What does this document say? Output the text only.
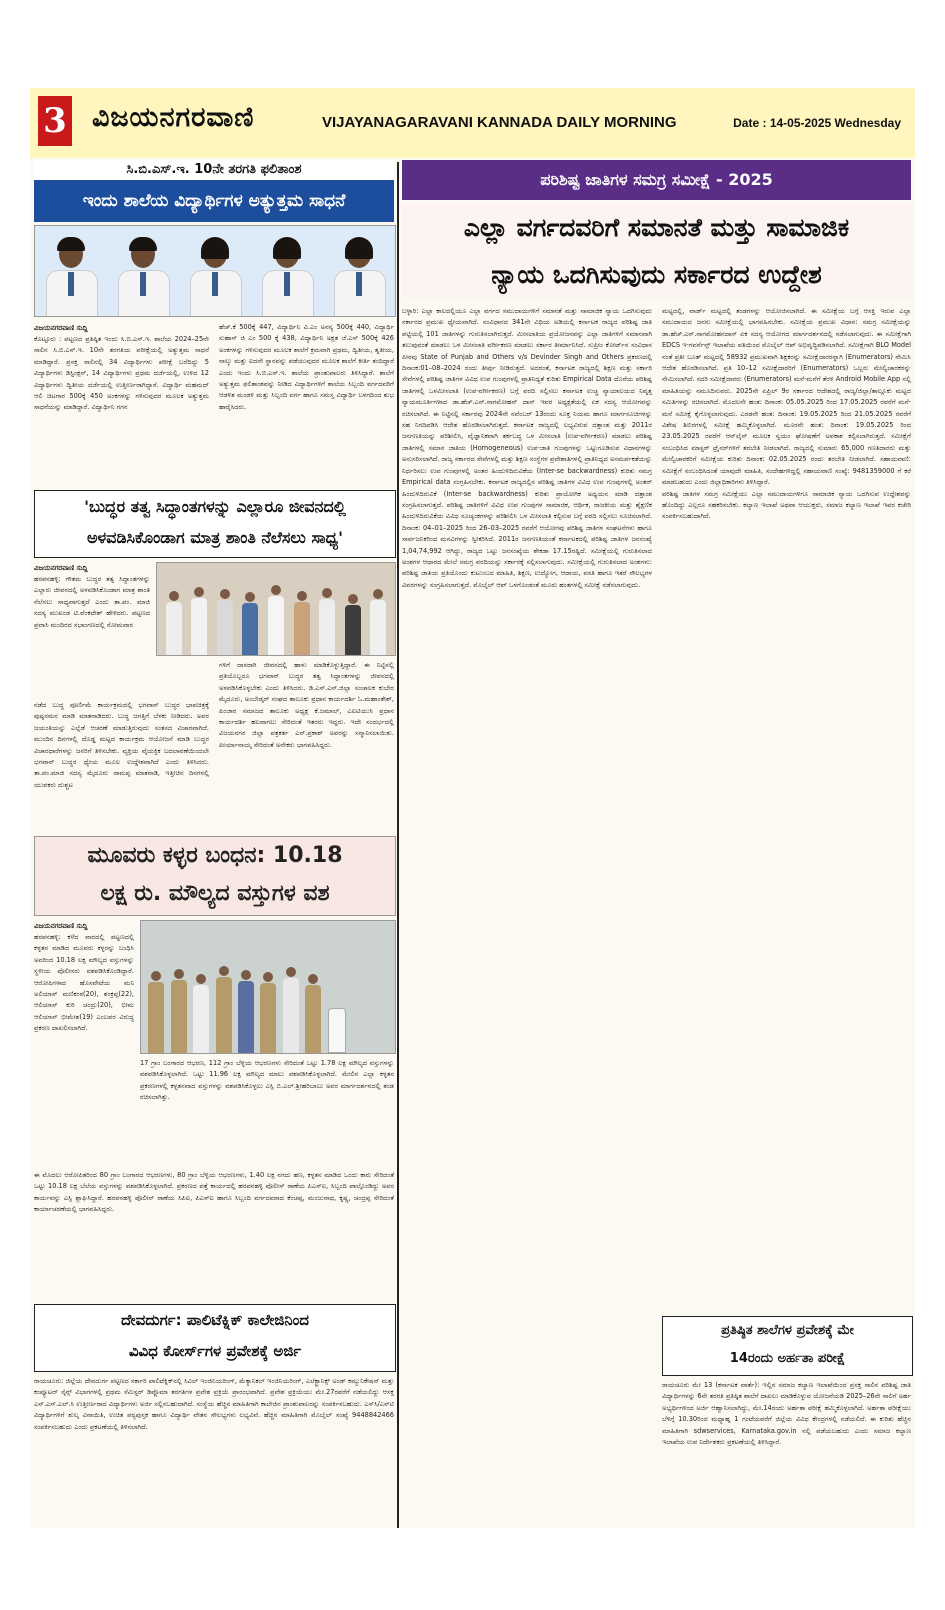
3 ವಿಜಯನಗರವಾಣಿ	VIJAYANAGARAVANI KANNADA DAILY MORNING	Date : 14-05-2025 Wednesday
ಸಿ.ಬಿ.ಎಸ್.ಇ. 10ನೇ ತರಗತಿ ಫಲಿತಾಂಶ
ಇಂದು ಶಾಲೆಯ ವಿದ್ಯಾರ್ಥಿಗಳ ಅತ್ಯುತ್ತಮ ಸಾಧನೆ
ವಿಜಯನಗರವಾಣಿ ಸುದ್ದಿ
ಕೊಟ್ಟೂರು : ಪಟ್ಟಣದ ಪ್ರತಿಷ್ಠಿತ ಇಂದು ಸಿ.ಬಿ.ಎಸ್.ಇ. ಶಾಲೆಯ 2024–25ನೇ ಸಾಲಿನ ಸಿ.ಬಿ.ಎಸ್.ಇ. 10ನೇ ತರಗತಿಯ ಪರೀಕ್ಷೆಯಲ್ಲಿ ಅತ್ಯುತ್ತಮ ಸಾಧನೆ ಮಾಡಿದ್ದಾರೆ. ಪ್ರಸಕ್ತ ಸಾಲಿನಲ್ಲಿ 34 ವಿದ್ಯಾರ್ಥಿಗಳು ಪರೀಕ್ಷೆ ಬರೆದಿದ್ದು 5 ವಿದ್ಯಾರ್ಥಿಗಳು ಡಿಸ್ಟಿಂಕ್ಷನ್, 14 ವಿದ್ಯಾರ್ಥಿಗಳು ಪ್ರಥಮ ದರ್ಜೆಯಲ್ಲಿ, ಉಳಿದ 12 ವಿದ್ಯಾರ್ಥಿಗಳು ದ್ವಿತೀಯ ದರ್ಜೆಯಲ್ಲಿ ಉತ್ತೀರ್ಣರಾಗಿದ್ದಾರೆ. ವಿದ್ಯಾರ್ಥಿ ಮಹಮದ್ ಆಲಿ ಚಿಟಗಾರ 500ಕ್ಕೆ 450 ಅಂಕಗಳನ್ನು ಗಳಿಸುವುದರ ಮೂಲಕ ಅತ್ಯುತ್ತಮ ಸಾಧನೆಯನ್ನು ಮಾಡಿದ್ದಾರೆ. ವಿದ್ಯಾರ್ಥಿನಿ ಗಗನ
ಹೆಚ್.ಕೆ 500ಕ್ಕೆ 447, ವಿದ್ಯಾರ್ಥಿನಿ ವಿ.ಎಂ ಅನನ್ಯ 500ಕ್ಕೆ 440, ವಿದ್ಯಾರ್ಥಿ ಸುಹಾಸ್ ಜಿ ಎಂ 500 ಕ್ಕೆ 438, ವಿದ್ಯಾರ್ಥಿನಿ ಅಕ್ಷತ ಜೆ.ಎಸ್ 500ಕ್ಕೆ 426 ಅಂಕಗಳನ್ನು ಗಳಿಸುವುದರ ಮೂಲಕ ಶಾಲೆಗೆ ಕ್ರಮವಾಗಿ ಪ್ರಥಮ, ದ್ವಿತೀಯ, ತೃತೀಯ, ನಾಲ್ಕು ಮತ್ತು ಐದನೇ ಸ್ಥಾನವನ್ನು ಪಡೆಯುವುದರ ಮೂಲಕ ಶಾಲೆಗೆ ಕೀರ್ತಿ ತಂದಿದ್ದಾರೆ ಎಂದು ಇಂದು ಸಿ.ಬಿ.ಎಸ್.ಇ. ಶಾಲೆಯ ಪ್ರಾಂಶುಪಾಲರು ತಿಳಿಸಿದ್ದಾರೆ. ಶಾಲೆಗೆ ಅತ್ಯುತ್ತಮ ಫಲಿತಾಂಶವನ್ನು ನೀಡಿದ ವಿದ್ಯಾರ್ಥಿಗಳಿಗೆ ಶಾಲೆಯ ಸಿಬ್ಬಂದಿ ವರ್ಗದವರಿಗೆ ಆಡಳಿತ ಮಂಡಳಿ ಮತ್ತು ಸಿಬ್ಬಂದಿ ವರ್ಗ ಹಾಗೂ ಸಮಸ್ತ ವಿದ್ಯಾರ್ಥಿ ಬಳಗದಿಂದ ಶುಭ ಹಾರೈಸಿದರು.
'ಬುದ್ಧರ ತತ್ವ ಸಿದ್ಧಾಂತಗಳನ್ನು ಎಲ್ಲಾರೂ ಜೀವನದಲ್ಲಿ
ಅಳವಡಿಸಿಕೊಂಡಾಗ ಮಾತ್ರ ಶಾಂತಿ ನೆಲೆಸಲು ಸಾಧ್ಯ'
ವಿಜಯನಗರವಾಣಿ ಸುದ್ದಿ
ಹರಪನಹಳ್ಳಿ: ಗೌತಮ ಬುದ್ಧರ ತತ್ವ ಸಿದ್ಧಾಂತಗಳನ್ನು ಎಲ್ಲಾರು ಜೀವನದಲ್ಲಿ ಅಳವಡಿಸಿಕೊಂಡಾಗ ಮಾತ್ರ ಶಾಂತಿ ನೆಲೆಸಲು ಸಾಧ್ಯವಾಗುತ್ತದೆ ಎಂದು ತಾ.ಪಂ. ಮಾಜಿ ಸದಸ್ಯ ಮುಖಂಡ ಟಿ.ವೆಂಕಟೇಶ್ ಹೇಳಿದರು. ಪಟ್ಟಣದ ಪ್ರವಾಸಿ ಮಂದಿರದ ಸಭಾಂಗಣದಲ್ಲಿ ಸೋಮವಾರ
ನಡೆದ ಬುದ್ಧ ಪೂರ್ಣಿಮೆ ಕಾರ್ಯಕ್ರಮದಲ್ಲಿ ಭಗವಾನ್ ಬುದ್ಧರ ಭಾವಚಿತ್ರಕ್ಕೆ ಪುಷ್ಪನಮನ ಮಾಡಿ ಮಾತನಾಡಿದರು. ಬುದ್ಧ ಜಗತ್ತಿಗೆ ಬೆಳಕು ನೀಡಿದರು. ಅವರ ಜಯಂತಿಯನ್ನು ಎಲ್ಲೆಡೆ ಆಚರಣೆ ಮಾಡುತ್ತಿರುವುದು ಸಂತಸದ ವಿಚಾರವಾಗಿದೆ. ಮುಂದಿನ ದಿನಗಳಲ್ಲಿ ದೊಡ್ಡ ಮಟ್ಟದ ಕಾರ್ಯಕ್ರಮ ಆಯೋಜನೆ ಮಾಡಿ ಬುದ್ಧರ ವಿಚಾರಧಾರೆಗಳನ್ನು ಜನರಿಗೆ ತಿಳಿಸಬೇಕು. ವ್ಯಕ್ತಿಯ ವೈಯಕ್ತಿಕ ಬದಲಾವಣೆಯಿಂದಲೇ ಭಗವಾನ್ ಬುದ್ಧರ ಧ್ಯೇಯ ಮೂಲ ಉದ್ದೇಶವಾಗಿದೆ ಎಂದು ತಿಳಿಸಿದರು. ತಾ.ಪಂ.ಮಾಜಿ ಸದಸ್ಯ ಮೈದೂರು ರಾಮಪ್ಪ ಮಾತನಾಡಿ, ಇತ್ತೀಚಿನ ದಿನಗಳಲ್ಲಿ ಯುವಕರು ದುಶ್ಚಟ
ಗಳಿಗೆ ದಾಸರಾಗಿ ಜೀವನದಲ್ಲಿ ಹಾಳು ಮಾಡಿಕೊಳ್ಳುತ್ತಿದ್ದಾರೆ. ಈ ನಿಟ್ಟಿನಲ್ಲಿ ಪ್ರತಿಯೊಬ್ಬರೂ ಭಗವಾನ್ ಬುದ್ಧರ ತತ್ವ ಸಿದ್ಧಾಂತಗಳನ್ನು ಜೀವನದಲ್ಲಿ ಅಳವಡಿಸಿಕೊಳ್ಳಬೇಕು ಎಂದು ತಿಳಿಸಿದರು. ಡಿ.ಎಸ್.ಎಸ್.ಜಿಲ್ಲಾ ಸಂಚಾಲಕ ಕುಬೇರ ಮೈದೂರು, ಅಂಬೇಡ್ಕರ್ ಸಂಘದ ತಾಲೂಕು ಪ್ರಧಾನ ಕಾರ್ಯದರ್ಶಿ ಓ.ಮಹಾಂತೇಶ್, ಪಿಂಜಾರ ಸಮಾಜದ ತಾಲೂಕು ಅಧ್ಯಕ್ಷ ಕೆ.ಜಮಾಲ್, ಎಐಟಿಯುಸಿ ಪ್ರಧಾನ ಕಾರ್ಯದರ್ಶಿ ಹಲವಾಗಲು ಸೇರಿದಂತೆ ಇತರರು ಇದ್ದರು. ಇದೇ ಸಂದರ್ಭದಲ್ಲಿ ವಿಜಯನಗರ ಜಿಲ್ಲಾ ಪತ್ರಕರ್ತ ಎನ್.ಪ್ರಕಾಶ್ ಅವರನ್ನು ಸನ್ಮಾನಿಸಲಾಯಿತು. ಪೀರ್ಯಾನಾಯ್ಕ ಸೇರಿದಂತೆ ಅನೇಕರು ಭಾಗವಹಿಸಿದ್ದರು.
ಮೂವರು ಕಳ್ಳರ ಬಂಧನ: 10.18
ಲಕ್ಷ ರು. ಮೌಲ್ಯದ ವಸ್ತುಗಳ ವಶ
ವಿಜಯನಗರವಾಣಿ ಸುದ್ದಿ
ಹರಪನಹಳ್ಳಿ: ಕಳೆದ ವಾರದಲ್ಲಿ ಪಟ್ಟಣದಲ್ಲಿ ಕಳ್ಳತನ ಮಾಡಿದ ಮೂವರು ಕಳ್ಳರನ್ನು ಬಂಧಿಸಿ ಅವರಿಂದ 10.18 ಲಕ್ಷ ಮೌಲ್ಯದ ವಸ್ತುಗಳನ್ನು ಸ್ಥಳೀಯ ಪೊಲೀಸರು ವಶಪಡಿಸಿಕೊಂಡಿದ್ದಾರೆ. ಆರೋಪಿಗಳಾದ ಹೊಸಪೇಟೆಯ ಮನಿ ಅಲಿಯಾಸ್ ಮಣಿಕಂಠ(20), ಶಂಕ್ರಪ್ಪ(22), ಆಲಿಯಾಸ್ ಕುರಿ ಚಂದ್ರು(20), ಭೀಮ ಆಲಿಯಾಸ್ ಭೀಮೇಶ(19) ಎಂಬವರ ವಿರುದ್ಧ ಪ್ರಕರಣ ದಾಖಲಿಸಲಾಗಿದೆ.
17 ಗ್ರಾಂ ಬಂಗಾರದ ಆಭರಣ, 112 ಗ್ರಾಂ ಬೆಳ್ಳಿಯ ಆಭರಣಗಳು ಸೇರಿದಂತೆ ಒಟ್ಟು 1.78 ಲಕ್ಷ ಮೌಲ್ಯದ ವಸ್ತುಗಳನ್ನು ವಶಪಡಿಸಿಕೊಳ್ಳಲಾಗಿದೆ. ಒಟ್ಟು 11.96 ಲಕ್ಷ ಮೌಲ್ಯದ ಮಾಲು ವಶಪಡಿಸಿಕೊಳ್ಳಲಾಗಿದೆ. ಮೇಲಿನ ಎಲ್ಲಾ ಕಳ್ಳತನ ಪ್ರಕರಣಗಳಲ್ಲಿ ಕಳ್ಳತನವಾದ ವಸ್ತುಗಳನ್ನು ವಶಪಡಿಸಿಕೊಳ್ಳಲು ಎಸ್ಪಿ ಬಿ.ಎಲ್.ಶ್ರೀಹರಿಬಾಬು ಅವರ ಮಾರ್ಗದರ್ಶನದಲ್ಲಿ ತಂಡ ರಚಿಸಲಾಗಿತ್ತು.
ಈ ಮೊದಲು ಆರೋಪಿತರಿಂದ 80 ಗ್ರಾಂ ಬಂಗಾರದ ಆಭರಣಗಳು, 80 ಗ್ರಾಂ ಬೆಳ್ಳಿಯ ಆಭರಣಗಳು, 1.40 ಲಕ್ಷ ನಗದು ಹಣ, ಕಳ್ಳತನ ಮಾಡಿದ ಒಂದು ಕಾರು ಸೇರಿದಂತೆ ಒಟ್ಟು 10.18 ಲಕ್ಷ ಬೆಲೆಯ ವಸ್ತುಗಳನ್ನು ವಶಪಡಿಸಿಕೊಳ್ಳಲಾಗಿದೆ. ಪ್ರಕರಣದ ಪತ್ತೆ ಕಾರ್ಯದಲ್ಲಿ ಹರಪನಹಳ್ಳಿ ಪೊಲೀಸ್ ಠಾಣೆಯ ಪಿಎಸ್ಐ, ಸಿಬ್ಬಂದಿ ಪಾಲ್ಗೊಂಡಿದ್ದು ಅವರ ಕಾರ್ಯವನ್ನು ಎಸ್ಪಿ ಶ್ಲಾಘಿಸಿದ್ದಾರೆ. ಹರಪನಹಳ್ಳಿ ಪೊಲೀಸ್ ಠಾಣೆಯ ಸಿಪಿಐ, ಪಿಎಸ್ಐ ಹಾಗೂ ಸಿಬ್ಬಂದಿ ವರ್ಗದವರಾದ ಕೆಂಚಪ್ಪ, ಮಂಜುನಾಥ, ಕೃಷ್ಣ, ಚಂದ್ರಪ್ಪ ಸೇರಿದಂತೆ ಕಾರ್ಯಾಚರಣೆಯಲ್ಲಿ ಭಾಗವಹಿಸಿದ್ದರು.
ದೇವದುರ್ಗ: ಪಾಲಿಟೆಕ್ನಿಕ್ ಕಾಲೇಜಿನಿಂದ
ವಿವಿಧ ಕೋರ್ಸ್‌ಗಳ ಪ್ರವೇಶಕ್ಕೆ ಅರ್ಜಿ
ರಾಯಚೂರು: ಜಿಲ್ಲೆಯ ದೇವದುರ್ಗ ಪಟ್ಟಣದ ಸರ್ಕಾರಿ ಪಾಲಿಟೆಕ್ನಿಕ್‌ನಲ್ಲಿ ಸಿವಿಲ್ ಇಂಜಿನಿಯರಿಂಗ್, ಮೆಕ್ಯಾನಿಕಲ್ ಇಂಜಿನಿಯರಿಂಗ್, ಎಲೆಕ್ಟ್ರಾನಿಕ್ಸ್ ಅಂಡ್ ಕಮ್ಯುನಿಕೇಷನ್ ಮತ್ತು ಕಂಪ್ಯೂಟರ್ ಸೈನ್ಸ್ ವಿಭಾಗಗಳಲ್ಲಿ ಪ್ರಥಮ ಸೆಮಿಸ್ಟರ್ ಡಿಪ್ಲೊಮಾ ತರಗತಿಗಳ ಪ್ರವೇಶ ಪ್ರಕ್ರಿಯೆ ಪ್ರಾರಂಭವಾಗಿದೆ. ಪ್ರವೇಶ ಪ್ರಕ್ರಿಯೆಯು ಮೇ.27ರವರೆಗೆ ನಡೆಯಲಿದ್ದು ಆಸಕ್ತ ಎಸ್.ಎಸ್.ಎಲ್.ಸಿ ಉತ್ತೀರ್ಣರಾದ ವಿದ್ಯಾರ್ಥಿಗಳು ಅರ್ಜಿ ಸಲ್ಲಿಸಬಹುದಾಗಿದೆ. ಸಂಸ್ಥೆಯ ಹೆಚ್ಚಿನ ಮಾಹಿತಿಗಾಗಿ ಕಾಲೇಜಿನ ಪ್ರಾಂಶುಪಾಲರನ್ನು ಸಂಪರ್ಕಿಸಬಹುದು. ಎಸ್‌ಸಿ/ಎಸ್‌ಟಿ ವಿದ್ಯಾರ್ಥಿಗಳಿಗೆ ಶುಲ್ಕ ವಿನಾಯಿತಿ, ಉಚಿತ ಪಠ್ಯಪುಸ್ತಕ ಹಾಗೂ ವಿದ್ಯಾರ್ಥಿ ವೇತನ ಸೌಲಭ್ಯಗಳು ಲಭ್ಯವಿವೆ. ಹೆಚ್ಚಿನ ಮಾಹಿತಿಗಾಗಿ ಮೊಬೈಲ್ ಸಂಖ್ಯೆ 9448842466 ಸಂಪರ್ಕಿಸಬಹುದು ಎಂದು ಪ್ರಕಟಣೆಯಲ್ಲಿ ತಿಳಿಸಲಾಗಿದೆ.
ಪರಿಶಿಷ್ಟ ಜಾತಿಗಳ ಸಮಗ್ರ ಸಮೀಕ್ಷೆ - 2025
ಎಲ್ಲಾ ವರ್ಗದವರಿಗೆ ಸಮಾನತೆ ಮತ್ತು ಸಾಮಾಜಿಕ
ನ್ಯಾಯ ಒದಗಿಸುವುದು ಸರ್ಕಾರದ ಉದ್ದೇಶ
ಬಳ್ಳಾರಿ: ಎಲ್ಲಾ ಕಾಲದಲ್ಲಿಯೂ ಎಲ್ಲಾ ವರ್ಗದ ಸಮುದಾಯಗಳಿಗೆ ಸಮಾನತೆ ಮತ್ತು ಸಾಮಾಜಿಕ ನ್ಯಾಯ ಒದಗಿಸುವುದು ಸರ್ಕಾರದ ಪ್ರಮುಖ ಧ್ಯೇಯವಾಗಿದೆ. ಸಂವಿಧಾನದ 341ನೇ ವಿಧಿಯ ಅಡಿಯಲ್ಲಿ ಕರ್ನಾಟಕ ರಾಜ್ಯದ ಪರಿಶಿಷ್ಟ ಜಾತಿ ಪಟ್ಟಿಯಲ್ಲಿ 101 ಜಾತಿಗಳನ್ನು ಗುರುತಿಸಲಾಗಿರುತ್ತದೆ. ಮೀಸಲಾತಿಯ ಪ್ರಯೋಜನವನ್ನು ಎಲ್ಲಾ ಜಾತಿಗಳಿಗೆ ಸಮಾನವಾಗಿ ತಲುಪುವಂತೆ ಮಾಡಲು ಒಳ ಮೀಸಲಾತಿ ವರ್ಗೀಕರಣ ಮಾಡಲು ಸರ್ಕಾರ ತೀರ್ಮಾನಿಸಿದೆ. ಸುಪ್ರೀಂ ಕೋರ್ಟ್‌ನ ಸಂವಿಧಾನ ಪೀಠವು State of Punjab and Others v/s Devinder Singh and Others ಪ್ರಕರಣದಲ್ಲಿ ದಿನಾಂಕ:01–08–2024 ರಂದು ತೀರ್ಪು ನೀಡಿರುತ್ತದೆ. ಅದರಂತೆ, ಕರ್ನಾಟಕ ರಾಜ್ಯದಲ್ಲಿ ಶಿಕ್ಷಣ ಮತ್ತು ಸರ್ಕಾರಿ ಸೇವೆಗಳಲ್ಲಿ ಪರಿಶಿಷ್ಟ ಜಾತಿಗಳ ವಿವಿಧ ಉಪ ಗುಂಪುಗಳಲ್ಲಿ ಪ್ರಾತಿನಿಧ್ಯತೆ ಕುರಿತು Empirical Data ದೊರೆಯ ಪರಿಶಿಷ್ಟ ಜಾತಿಗಳಲ್ಲಿ ಒಳಮೀಸಲಾತಿ (ಉಪ-ವರ್ಗೀಕರಣ) ಬಗ್ಗೆ ವರದಿ ಸಲ್ಲಿಸಲು ಕರ್ನಾಟಕ ಉಚ್ಚ ನ್ಯಾಯಾಲಯದ ನಿವೃತ್ತ ನ್ಯಾಯಮೂರ್ತಿಗಳಾದ ಡಾ.ಹೆಚ್.ಎನ್.ನಾಗಮೋಹನ್ ದಾಸ್ ಇವರ ಅಧ್ಯಕ್ಷತೆಯಲ್ಲಿ ಏಕ ಸದಸ್ಯ ಆಯೋಗವನ್ನು ರಚಿಸಲಾಗಿದೆ. ಈ ನಿಟ್ಟಿನಲ್ಲಿ ಸರ್ಕಾರವು 2024ನೇ ನವೆಂಬರ್ 13ರಂದು ಸೂಕ್ತ ನಿಯಮ ಹಾಗೂ ಮಾರ್ಗಸೂಚಿಗಳನ್ನು ಸಹ ನಿಗದಿಪಡಿಸಿ ಆದೇಶ ಹೊರಡಿಸಲಾಗಿರುತ್ತದೆ. ಕರ್ನಾಟಕ ರಾಜ್ಯದಲ್ಲಿ ಲಭ್ಯವಿರುವ ದತ್ತಾಂಶ ಮತ್ತು 2011ರ ಜನಗಣತಿಯನ್ನು ಪರಿಶೀಲಿಸಿ, ವೈಜ್ಞಾನಿಕವಾಗಿ ತರ್ಕಬದ್ಧ ಒಳ ಮೀಸಲಾತಿ (ಉಪ-ವರ್ಗೀಕರಣ) ಮಾಡಲು ಪರಿಶಿಷ್ಟ ಜಾತಿಗಳಲ್ಲಿ ಸಮಾನ ಜಾತಿಯ (Homogeneous) ಉಪ-ಜಾತಿ ಗುಂಪುಗಳನ್ನು ಒಟ್ಟುಗೂಡಿಸುವ ವಿಧಾನಗಳನ್ನು ಅನುಸರಿಸಲಾಗಿದೆ. ರಾಜ್ಯ ಸರ್ಕಾರದ ಸೇವೆಗಳಲ್ಲಿ ಮತ್ತು ಶಿಕ್ಷಣ ಸಂಸ್ಥೆಗಳ ಪ್ರವೇಶಾತಿಗಳಲ್ಲಿ ಪ್ರಾತಿನಿಧ್ಯದ ಅಸಮರ್ಪಕತೆಯನ್ನು ನಿರ್ಧರಿಸಲು ಉಪ ಗುಂಪುಗಳಲ್ಲಿ ಅಂತರ ಹಿಂದುಳಿದಿರುವಿಕೆಯ (Inter-se backwardness) ಕುರಿತು ಸಮಗ್ರ Empirical data ಸಂಗ್ರಹಿಸಬೇಕು. ಕರ್ನಾಟಕ ರಾಜ್ಯದಲ್ಲಿನ ಪರಿಶಿಷ್ಟ ಜಾತಿಗಳ ವಿವಿಧ ಉಪ ಗುಂಪುಗಳಲ್ಲಿ ಅಂತರ್ ಹಿಂದುಳಿದಿರುವಿಕೆ (Inter-se backwardness) ಕುರಿತು ಪ್ರಾಯೋಗಿಕ ಅಧ್ಯಯನ ಮಾಡಿ ದತ್ತಾಂಶ ಸಂಗ್ರಹಿಸಲಾಗುತ್ತದೆ. ಪರಿಶಿಷ್ಟ ಜಾತಿಗಳಿಗೆ ವಿವಿಧ ಉಪ ಗುಂಪುಗಳ ಸಾಮಾಜಿಕ, ಆರ್ಥಿಕ, ರಾಜಕೀಯ ಮತ್ತು ಶೈಕ್ಷಣಿಕ ಹಿಂದುಳಿದಿರುವಿಕೆಯ ವಿವಿಧ ಸೂಚ್ಯಂಕಗಳನ್ನು ಪರಿಶೀಲಿಸಿ ಒಳ ಮೀಸಲಾತಿ ಕಲ್ಪಿಸುವ ಬಗ್ಗೆ ವರದಿ ಸಲ್ಲಿಸಲು ಸೂಚಿಸಲಾಗಿದೆ. ದಿನಾಂಕ: 04–01–2025 ರಿಂದ 26–03–2025 ರವರೆಗೆ ಆಯೋಗವು ಪರಿಶಿಷ್ಟ ಜಾತಿಗಳ ಸಂಘಟನೆಗಳು ಹಾಗೂ ಸಾರ್ವಜನಿಕರಿಂದ ಮನವಿಗಳನ್ನು ಸ್ವೀಕರಿಸಿದೆ. 2011ರ ಜನಗಣತಿಯಂತೆ ಕರ್ನಾಟಕದಲ್ಲಿ ಪರಿಶಿಷ್ಟ ಜಾತಿಗಳ ಜನಸಂಖ್ಯೆ 1,04,74,992 ಆಗಿದ್ದು, ರಾಜ್ಯದ ಒಟ್ಟು ಜನಸಂಖ್ಯೆಯ ಶೇಕಡಾ 17.15ರಷ್ಟಿದೆ. ಸಮೀಕ್ಷೆಯಲ್ಲಿ ಗುರುತಿಸಲಾದ ಅಂಶಗಳ ಆಧಾರದ ಮೇಲೆ ಸಮಗ್ರ ವರದಿಯನ್ನು ಸರ್ಕಾರಕ್ಕೆ ಸಲ್ಲಿಸಲಾಗುವುದು. ಸಮೀಕ್ಷೆಯಲ್ಲಿ ಗುರುತಿಸಲಾದ ಅಂಶಗಳು: ಪರಿಶಿಷ್ಟ ಜಾತಿಯ ಪ್ರತಿಯೊಂದು ಕುಟುಂಬದ ಮಾಹಿತಿ, ಶಿಕ್ಷಣ, ಉದ್ಯೋಗ, ಆದಾಯ, ವಸತಿ ಹಾಗೂ ಇತರೆ ಸೌಲಭ್ಯಗಳ ವಿವರಗಳನ್ನು ಸಂಗ್ರಹಿಸಲಾಗುತ್ತದೆ. ಮೊಬೈಲ್ ಆಪ್ ಒಳಗೊಂಡಂತೆ ಮೂರು ಹಂತಗಳಲ್ಲಿ ಸಮೀಕ್ಷೆ ನಡೆಸಲಾಗುವುದು.
ಮಟ್ಟದಲ್ಲಿ, ವಾರ್ಡ್ ಮಟ್ಟದಲ್ಲಿ ತಂಡಗಳನ್ನು ಆಯೋಜಿಸಲಾಗಿದೆ. ಈ ಸಮೀಕ್ಷೆಯ ಬಗ್ಗೆ ಆಸಕ್ತಿ ಇರುವ ಎಲ್ಲಾ ಸಮುದಾಯದ ಜನರು ಸಮೀಕ್ಷೆಯಲ್ಲಿ ಭಾಗವಹಿಸಬೇಕು. ಸಮೀಕ್ಷೆಯ ಪ್ರಮುಖ ವಿಧಾನ: ಸಮಗ್ರ ಸಮೀಕ್ಷೆಯನ್ನು ಡಾ.ಹೆಚ್.ಎನ್.ನಾಗಮೋಹನದಾಸ್ ಏಕ ಸದಸ್ಯ ಆಯೋಗದ ಮಾರ್ಗದರ್ಶನದಲ್ಲಿ ನಡೆಸಲಾಗುವುದು. ಈ ಸಮೀಕ್ಷೆಗಾಗಿ EDCS ಇ-ಗವರ್ನೆನ್ಸ್ ಇಲಾಖೆಯ ವತಿಯಿಂದ ಮೊಬೈಲ್ ಆಪ್ ಅಭಿವೃದ್ಧಿಪಡಿಸಲಾಗಿದೆ. ಸಮೀಕ್ಷೆಗಾಗಿ BLO Model ನಂತೆ ಪ್ರತೀ ಬೂತ್ ಮಟ್ಟದಲ್ಲಿ 58932 ಪ್ರಮುಖವಾಗಿ ಶಿಕ್ಷಕರನ್ನು ಸಮೀಕ್ಷೆದಾರರನ್ನಾಗಿ (Enumerators) ನೇಮಿಸಿ ಆದೇಶ ಹೊರಡಿಸಲಾಗಿದೆ. ಪ್ರತಿ 10–12 ಸಮೀಕ್ಷೆದಾರರಿಗೆ (Enumerators) ಒಬ್ಬರು ಮೇಲ್ವಿಚಾರಕರನ್ನು ನೇಮಿಸಲಾಗಿದೆ. ಸದರಿ ಸಮೀಕ್ಷೆದಾರರು (Enumerators) ಮನೆ-ಮನೆಗೆ ತೆರಳಿ Android Mobile App ನಲ್ಲಿ ಮಾಹಿತಿಯನ್ನು ನಮೂದಿಸುವರು. 2025ನೇ ಏಪ್ರಿಲ್ 9ರ ಸರ್ಕಾರದ ಆದೇಶದಲ್ಲಿ ರಾಜ್ಯ/ಜಿಲ್ಲಾ/ತಾಲ್ಲೂಕು ಮಟ್ಟದ ಸಮಿತಿಗಳನ್ನು ರಚಿಸಲಾಗಿದೆ. ಮೊದಲನೇ ಹಂತ: ದಿನಾಂಕ: 05.05.2025 ರಿಂದ 17.05.2025 ರವರೆಗೆ ಮನೆ-ಮನೆ ಸಮೀಕ್ಷೆ ಕೈಗೊಳ್ಳಲಾಗುವುದು. ಎರಡನೇ ಹಂತ: ದಿನಾಂಕ: 19.05.2025 ರಿಂದ 21.05.2025 ರವರೆಗೆ ವಿಶೇಷ ಶಿಬಿರಗಳಲ್ಲಿ ಸಮೀಕ್ಷೆ ಹಮ್ಮಿಕೊಳ್ಳಲಾಗಿದೆ. ಮೂರನೇ ಹಂತ: ದಿನಾಂಕ: 19.05.2025 ರಿಂದ 23.05.2025 ರವರೆಗೆ ಆನ್‌ಲೈನ್ ಮೂಲಕ ಸ್ವಯಂ ಘೋಷಣೆಗೆ ಅವಕಾಶ ಕಲ್ಪಿಸಲಾಗಿರುತ್ತದೆ. ಸಮೀಕ್ಷೆಗೆ ಸಂಬಂಧಿಸಿದ ಮಾಸ್ಟರ್ ಟ್ರೈನರ್‌ಗಳಿಗೆ ತರಬೇತಿ ನೀಡಲಾಗಿದೆ. ರಾಜ್ಯದಲ್ಲಿ ಸುಮಾರು 65,000 ಗಣತಿದಾರರು ಮತ್ತು ಮೇಲ್ವಿಚಾರಕರಿಗೆ ಸಮೀಕ್ಷೆಯ ಕುರಿತು ದಿನಾಂಕ: 02.05.2025 ರಂದು ತರಬೇತಿ ನೀಡಲಾಗಿದೆ. ಸಹಾಯವಾಣಿ: ಸಮೀಕ್ಷೆಗೆ ಸಂಬಂಧಿಸಿದಂತೆ ಯಾವುದೇ ಮಾಹಿತಿ, ಸಂದೇಹಗಳಿದ್ದಲ್ಲಿ ಸಹಾಯವಾಣಿ ಸಂಖ್ಯೆ: 9481359000 ಗೆ ಕರೆ ಮಾಡಬಹುದು ಎಂದು ಜಿಲ್ಲಾಧಿಕಾರಿಗಳು ತಿಳಿಸಿದ್ದಾರೆ.
ಪರಿಶಿಷ್ಟ ಜಾತಿಗಳ ಸಮಗ್ರ ಸಮೀಕ್ಷೆಯು ಎಲ್ಲಾ ಸಮುದಾಯಗಳಿಗೂ ಸಾಮಾಜಿಕ ನ್ಯಾಯ ಒದಗಿಸುವ ಉದ್ದೇಶವನ್ನು ಹೊಂದಿದ್ದು ಎಲ್ಲರೂ ಸಹಕರಿಸಬೇಕು. ಕಲ್ಯಾಣ ಇಲಾಖೆ ಅಥವಾ ಆಯುಕ್ತರು, ಸಮಾಜ ಕಲ್ಯಾಣ ಇಲಾಖೆ ಇವರ ಕಚೇರಿ ಸಂಪರ್ಕಿಸಬಹುದಾಗಿದೆ.
ಪ್ರತಿಷ್ಠಿತ ಶಾಲೆಗಳ ಪ್ರವೇಶಕ್ಕೆ ಮೇ
14ರಂದು ಅರ್ಹತಾ ಪರೀಕ್ಷೆ
ರಾಯಚೂರು ಮೇ 13 (ಕರ್ನಾಟಕ ವಾರ್ತೆ): ಇಲ್ಲಿನ ಸಮಾಜ ಕಲ್ಯಾಣ ಇಲಾಖೆಯಿಂದ ಪ್ರಸಕ್ತ ಸಾಲಿನ ಪರಿಶಿಷ್ಟ ಜಾತಿ ವಿದ್ಯಾರ್ಥಿಗಳನ್ನು 6ನೇ ತರಗತಿ ಪ್ರತಿಷ್ಠಿತ ಶಾಲೆಗೆ ದಾಖಲು ಮಾಡಿಕೊಳ್ಳುವ ಯೋಜನೆಯಡಿ 2025–26ನೇ ಸಾಲಿಗೆ ಅರ್ಹ ಅಭ್ಯರ್ಥಿಗಳಿಂದ ಅರ್ಜಿ ಆಹ್ವಾನಿಸಲಾಗಿದ್ದು, ಮೇ.14ರಂದು ಅರ್ಹತಾ ಪರೀಕ್ಷೆ ಹಮ್ಮಿಕೊಳ್ಳಲಾಗಿದೆ. ಅರ್ಹತಾ ಪರೀಕ್ಷೆಯು ಬೆಳಿಗ್ಗೆ 10.30ರಿಂದ ಮಧ್ಯಾಹ್ನ 1 ಗಂಟೆಯವರೆಗೆ ಜಿಲ್ಲೆಯ ವಿವಿಧ ಕೇಂದ್ರಗಳಲ್ಲಿ ನಡೆಯಲಿದೆ. ಈ ಕುರಿತು ಹೆಚ್ಚಿನ ಮಾಹಿತಿಗಾಗಿ sdwservices, Karnataka.gov.in ನಲ್ಲಿ ಪಡೆಯಬಹುದು ಎಂದು ಸಮಾಜ ಕಲ್ಯಾಣ ಇಲಾಖೆಯ ಉಪ ನಿರ್ದೇಶಕರು ಪ್ರಕಟಣೆಯಲ್ಲಿ ತಿಳಿಸಿದ್ದಾರೆ.
